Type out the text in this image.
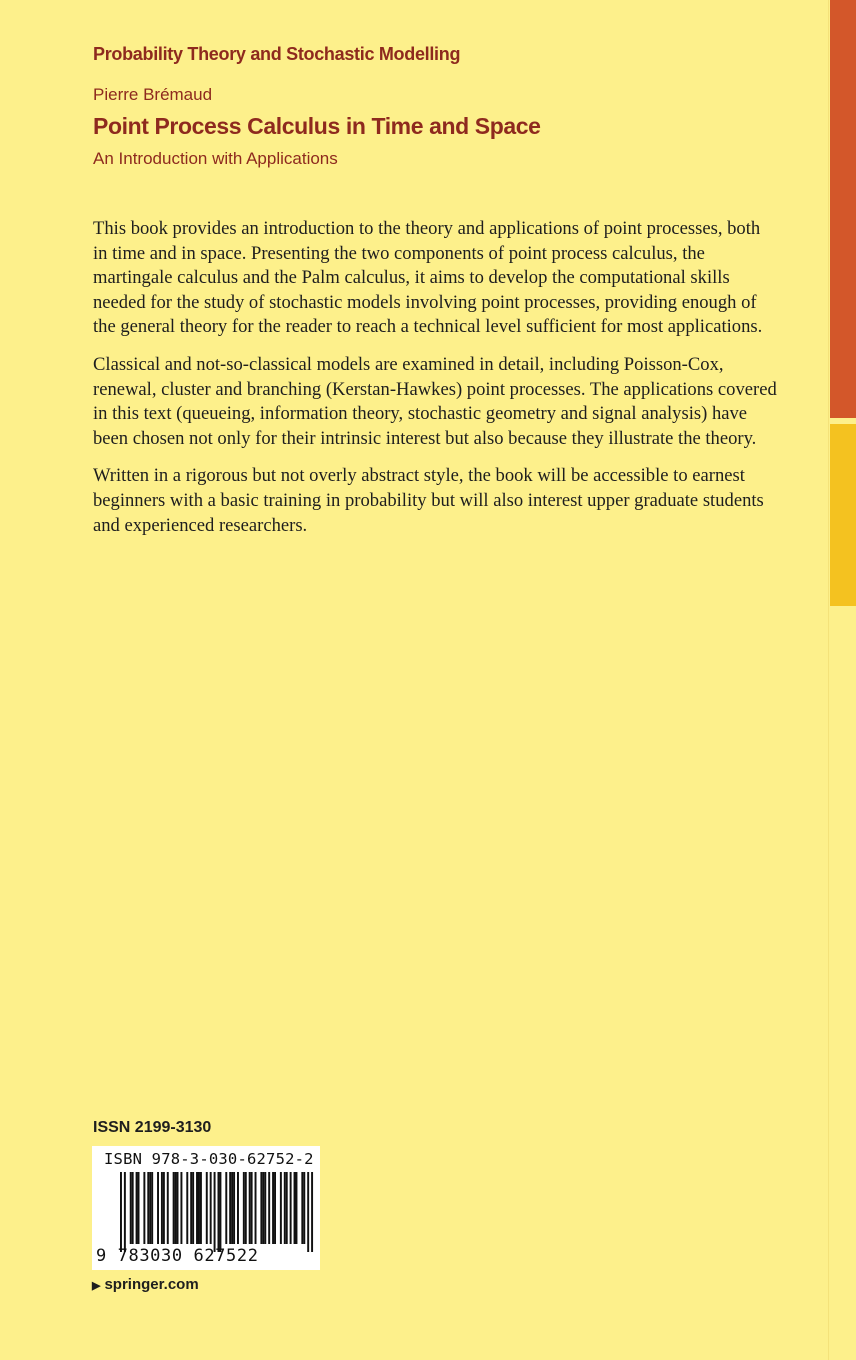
Probability Theory and Stochastic Modelling
Pierre Brémaud
Point Process Calculus in Time and Space
An Introduction with Applications

This book provides an introduction to the theory and applications of point processes, both in time and in space. Presenting the two components of point process calculus, the martingale calculus and the Palm calculus, it aims to develop the computational skills needed for the study of stochastic models involving point processes, providing enough of the general theory for the reader to reach a technical level sufficient for most applications.

Classical and not-so-classical models are examined in detail, including Poisson-Cox, renewal, cluster and branching (Kerstan-Hawkes) point processes. The applications covered in this text (queueing, information theory, stochastic geometry and signal analysis) have been chosen not only for their intrinsic interest but also because they illustrate the theory.

Written in a rigorous but not overly abstract style, the book will be accessible to earnest beginners with a basic training in probability but will also interest upper graduate students and experienced researchers.

ISSN 2199-3130
ISBN 978-3-030-62752-2
9 783030 627522
▶ springer.com
